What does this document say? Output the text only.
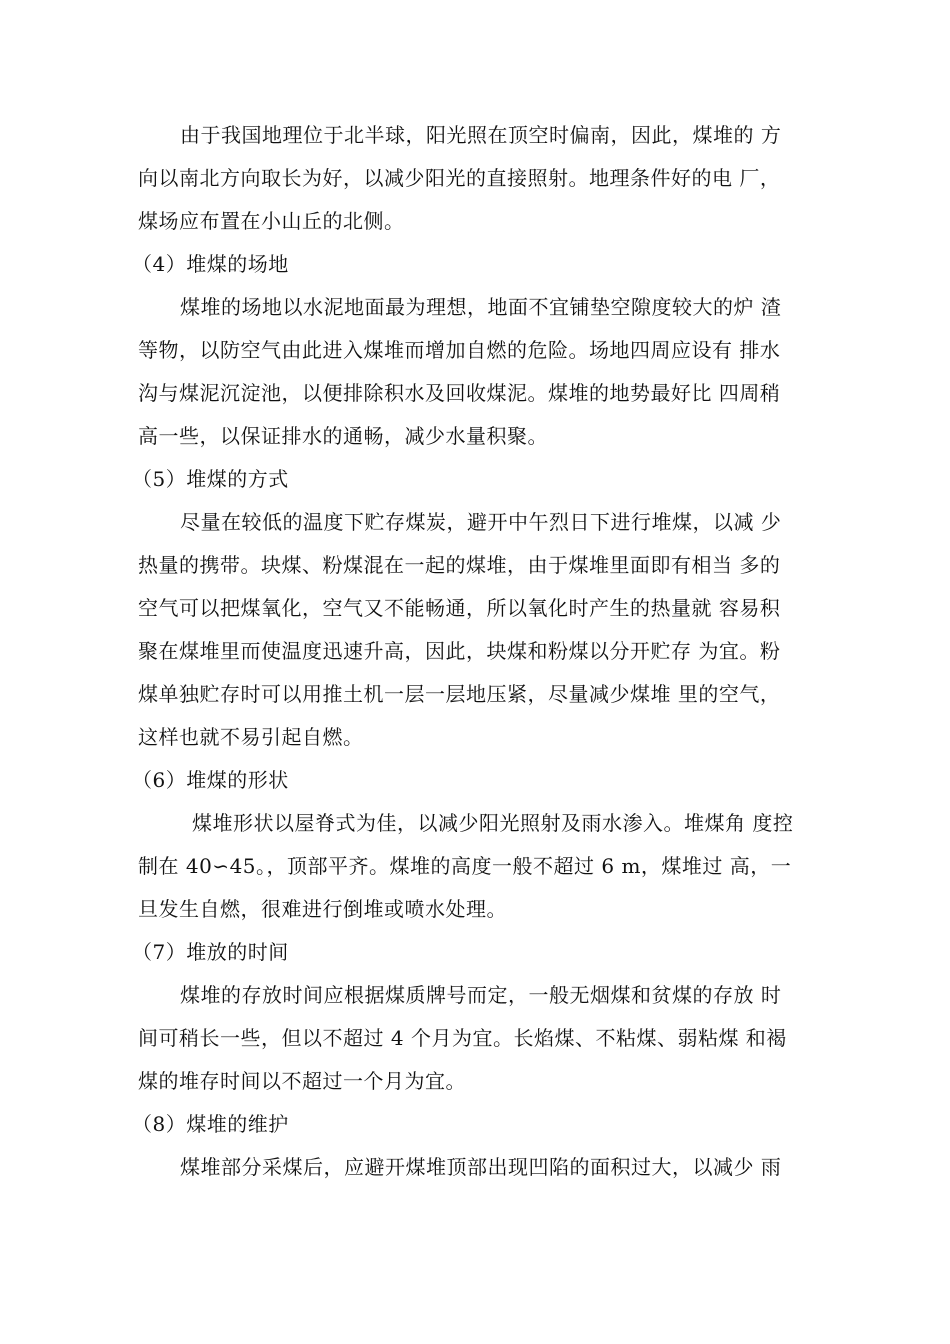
由于我国地理位于北半球，阳光照在顶空时偏南，因此，煤堆的 方
向以南北方向取长为好，以减少阳光的直接照射。地理条件好的电 厂，
煤场应布置在小山丘的北侧。
（4）堆煤的场地
煤堆的场地以水泥地面最为理想，地面不宜铺垫空隙度较大的炉 渣
等物，以防空气由此进入煤堆而增加自燃的危险。场地四周应设有 排水
沟与煤泥沉淀池，以便排除积水及回收煤泥。煤堆的地势最好比 四周稍
高一些，以保证排水的通畅，减少水量积聚。
（5）堆煤的方式
尽量在较低的温度下贮存煤炭，避开中午烈日下进行堆煤，以减 少
热量的携带。块煤、粉煤混在一起的煤堆，由于煤堆里面即有相当 多的
空气可以把煤氧化，空气又不能畅通，所以氧化时产生的热量就 容易积
聚在煤堆里而使温度迅速升高，因此，块煤和粉煤以分开贮存 为宜。粉
煤单独贮存时可以用推土机一层一层地压紧，尽量减少煤堆 里的空气，
这样也就不易引起自燃。
（6）堆煤的形状
煤堆形状以屋脊式为佳，以减少阳光照射及雨水渗入。堆煤角 度控
制在 40∽45。，顶部平齐。煤堆的高度一般不超过 6 m，煤堆过 高，一
旦发生自燃，很难进行倒堆或喷水处理。
（7）堆放的时间
煤堆的存放时间应根据煤质牌号而定，一般无烟煤和贫煤的存放 时
间可稍长一些，但以不超过 4 个月为宜。长焰煤、不粘煤、弱粘煤 和褐
煤的堆存时间以不超过一个月为宜。
（8）煤堆的维护
煤堆部分采煤后，应避开煤堆顶部出现凹陷的面积过大，以减少 雨
